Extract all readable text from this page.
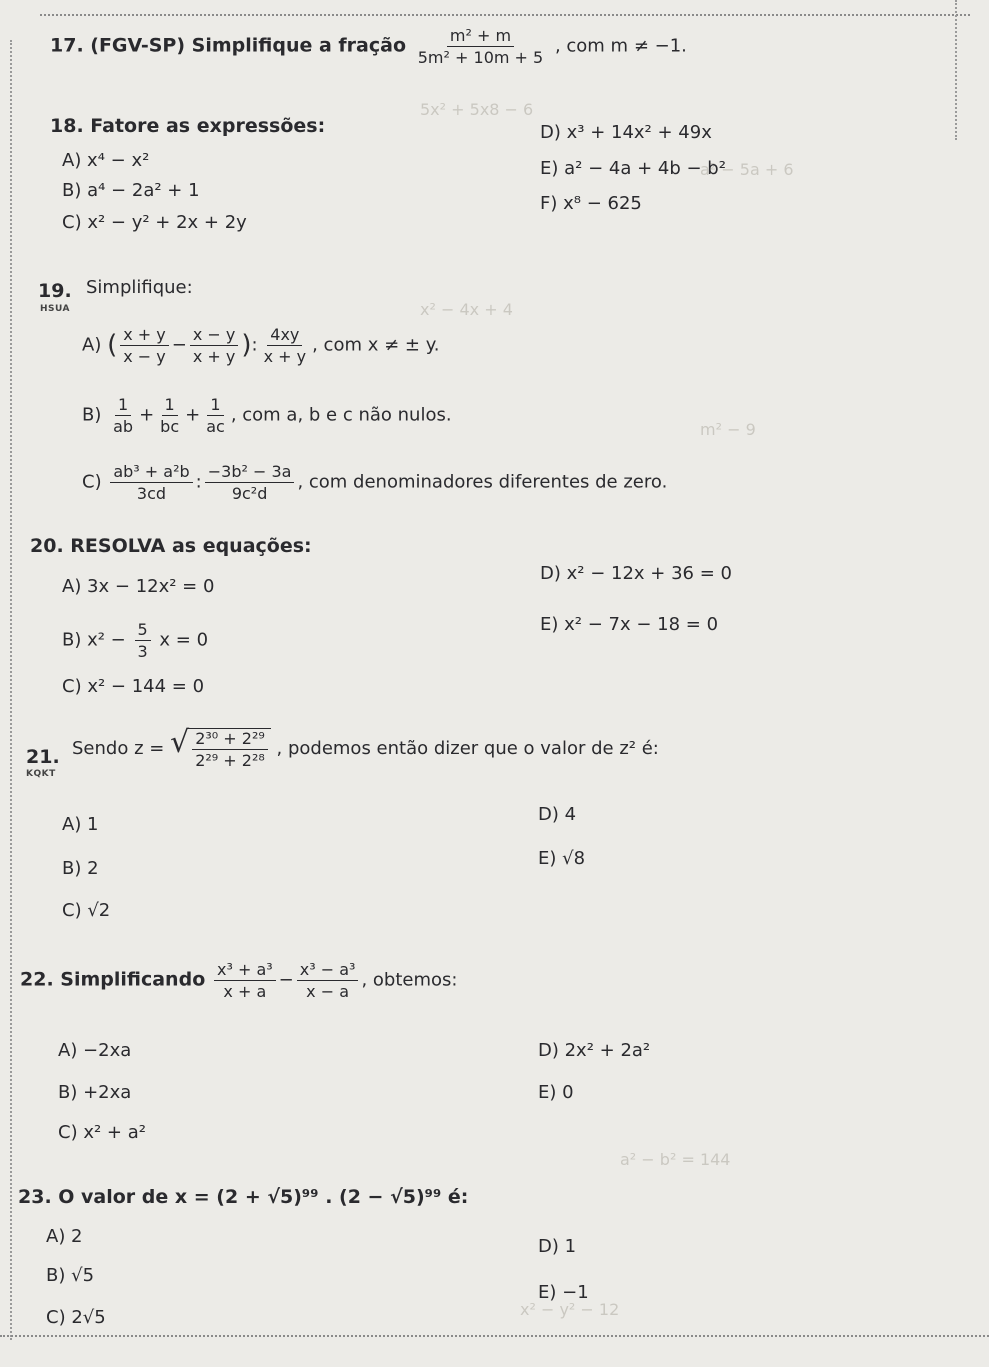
5x² + 5x8 − 6
a² − 5a + 6
x² − 4x + 4
m² − 9
a² − b² = 144
x² − y² − 12
17. (FGV-SP) Simplifique a fração $\frac{\text{m² + m}}{\text{5m² + 10m + 5}}$ , com m ≠ −1.
18. Fatore as expressões:
A) x⁴ − x²
B) a⁴ − 2a² + 1
C) x² − y² + 2x + 2y
D) x³ + 14x² + 49x
E) a² − 4a + 4b − b²
F) x⁸ − 625
19.
HSUA
Simplifique:
A) ( $\frac{x + y}{x - y} - \frac{x - y}{x + y}$ ): $\frac{4xy}{x + y}$ , com x ≠ ± y.
$B) \frac{1}{ab} + \frac{1}{bc} + \frac{1}{ac}$ , com a, b e c não nulos.
$C) \frac{\text{ab³ + a²b}}{3cd}$ : $\frac{\text{−3b² − 3a}}{\text{9c²d}}$ , com denominadores diferentes de zero.
20. RESOLVA as equações:
A) 3x − 12x² = 0
B) $x^2 - \frac{5}{3}$ x = 0
C) x² − 144 = 0
D) x² − 12x + 36 = 0
E) x² − 7x − 18 = 0
21.
KQKT
Sendo z = √ $\frac{\text{2³⁰ + 2²⁹}}{\text{2²⁹ + 2²⁸}}$ , podemos então dizer que o valor de z² é:
A) 1
B) 2
C) √2
D) 4
E) √8
22. Simplificando $\frac{\text{x³ + a³}}{x + a} - \frac{\text{x³ − a³}}{x - a}$ , obtemos:
A) −2xa
B) +2xa
C) x² + a²
D) 2x² + 2a²
E) 0
23. O valor de x = (2 + √5)⁹⁹ . (2 − √5)⁹⁹ é:
A) 2
B) √5
C) 2√5
D) 1
E) −1
